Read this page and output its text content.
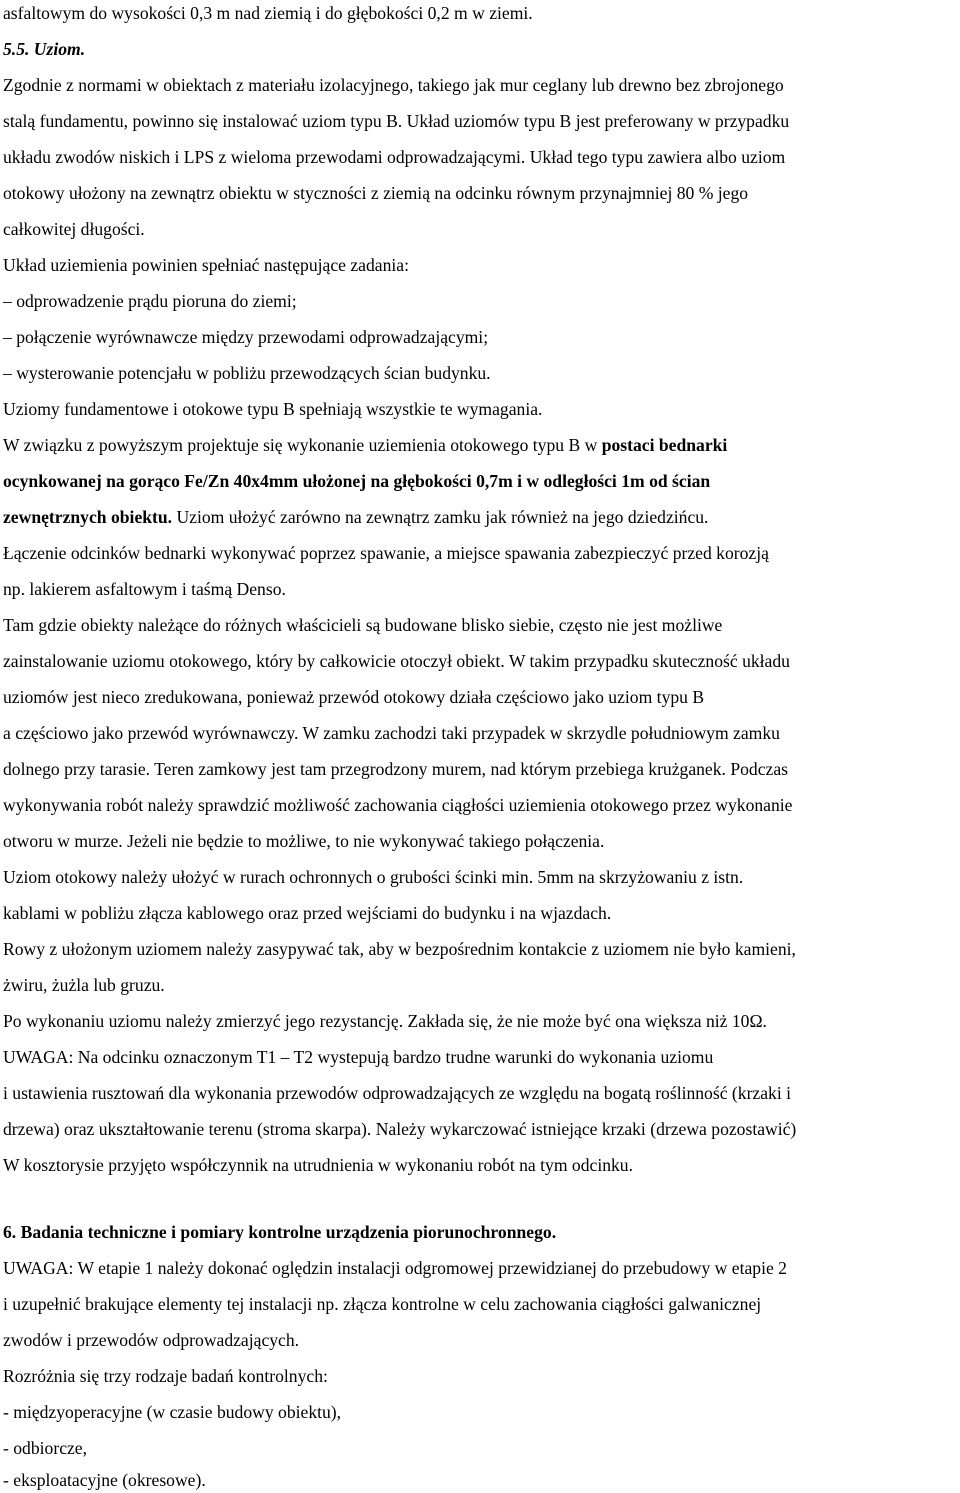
asfaltowym do wysokości 0,3 m nad ziemią i do głębokości 0,2 m w ziemi.
5.5. Uziom.
Zgodnie z normami w obiektach z materiału izolacyjnego, takiego jak mur ceglany lub drewno bez zbrojonego
stalą fundamentu, powinno się instalować uziom typu B. Układ uziomów typu B jest preferowany w przypadku
układu zwodów niskich i LPS z wieloma przewodami odprowadzającymi. Układ tego typu zawiera albo uziom
otokowy ułożony na zewnątrz obiektu w styczności z ziemią na odcinku równym przynajmniej 80 % jego
całkowitej długości.
Układ uziemienia powinien spełniać następujące zadania:
– odprowadzenie prądu pioruna do ziemi;
– połączenie wyrównawcze między przewodami odprowadzającymi;
– wysterowanie potencjału w pobliżu przewodzących ścian budynku.
Uziomy fundamentowe i otokowe typu B spełniają wszystkie te wymagania.
W związku z powyższym projektuje się wykonanie uziemienia otokowego typu B w postaci bednarki
ocynkowanej na gorąco Fe/Zn 40x4mm ułożonej na głębokości 0,7m i w odległości 1m od ścian
zewnętrznych obiektu. Uziom ułożyć zarówno na zewnątrz zamku jak również na jego dziedzińcu.
Łączenie odcinków bednarki wykonywać poprzez spawanie, a miejsce spawania zabezpieczyć przed korozją
np. lakierem asfaltowym i taśmą Denso.
Tam gdzie obiekty należące do różnych właścicieli są budowane blisko siebie, często nie jest możliwe
zainstalowanie uziomu otokowego, który by całkowicie otoczył obiekt. W takim przypadku skuteczność układu
uziomów jest nieco zredukowana, ponieważ przewód otokowy działa częściowo jako uziom typu B
a częściowo jako przewód wyrównawczy. W zamku zachodzi taki przypadek w skrzydle południowym zamku
dolnego przy tarasie. Teren zamkowy jest tam przegrodzony murem, nad którym przebiega krużganek. Podczas
wykonywania robót należy sprawdzić możliwość zachowania ciągłości uziemienia otokowego przez wykonanie
otworu w murze. Jeżeli nie będzie to możliwe, to nie wykonywać takiego połączenia.
Uziom otokowy należy ułożyć w rurach ochronnych o grubości ścinki min. 5mm na skrzyżowaniu z istn.
kablami w pobliżu złącza kablowego oraz przed wejściami do budynku i na wjazdach.
Rowy z ułożonym uziomem należy zasypywać tak, aby w bezpośrednim kontakcie z uziomem nie było kamieni,
żwiru, żużla lub gruzu.
Po wykonaniu uziomu należy zmierzyć jego rezystancję. Zakłada się, że nie może być ona większa niż 10Ω.
UWAGA: Na odcinku oznaczonym T1 – T2 wystepują bardzo trudne warunki do wykonania uziomu
i ustawienia rusztowań dla wykonania przewodów odprowadzających ze względu na bogatą roślinność (krzaki i
drzewa) oraz ukształtowanie terenu (stroma skarpa). Należy wykarczować istniejące krzaki (drzewa pozostawić)
W kosztorysie przyjęto współczynnik na utrudnienia w wykonaniu robót na tym odcinku.
6. Badania techniczne i pomiary kontrolne urządzenia piorunochronnego.
UWAGA: W etapie 1 należy dokonać oględzin instalacji odgromowej przewidzianej do przebudowy w etapie 2
i uzupełnić brakujące elementy tej instalacji np. złącza kontrolne w celu zachowania ciągłości galwanicznej
zwodów i przewodów odprowadzających.
Rozróżnia się trzy rodzaje badań kontrolnych:
- międzyoperacyjne (w czasie budowy obiektu),
- odbiorcze,
- eksploatacyjne (okresowe).
